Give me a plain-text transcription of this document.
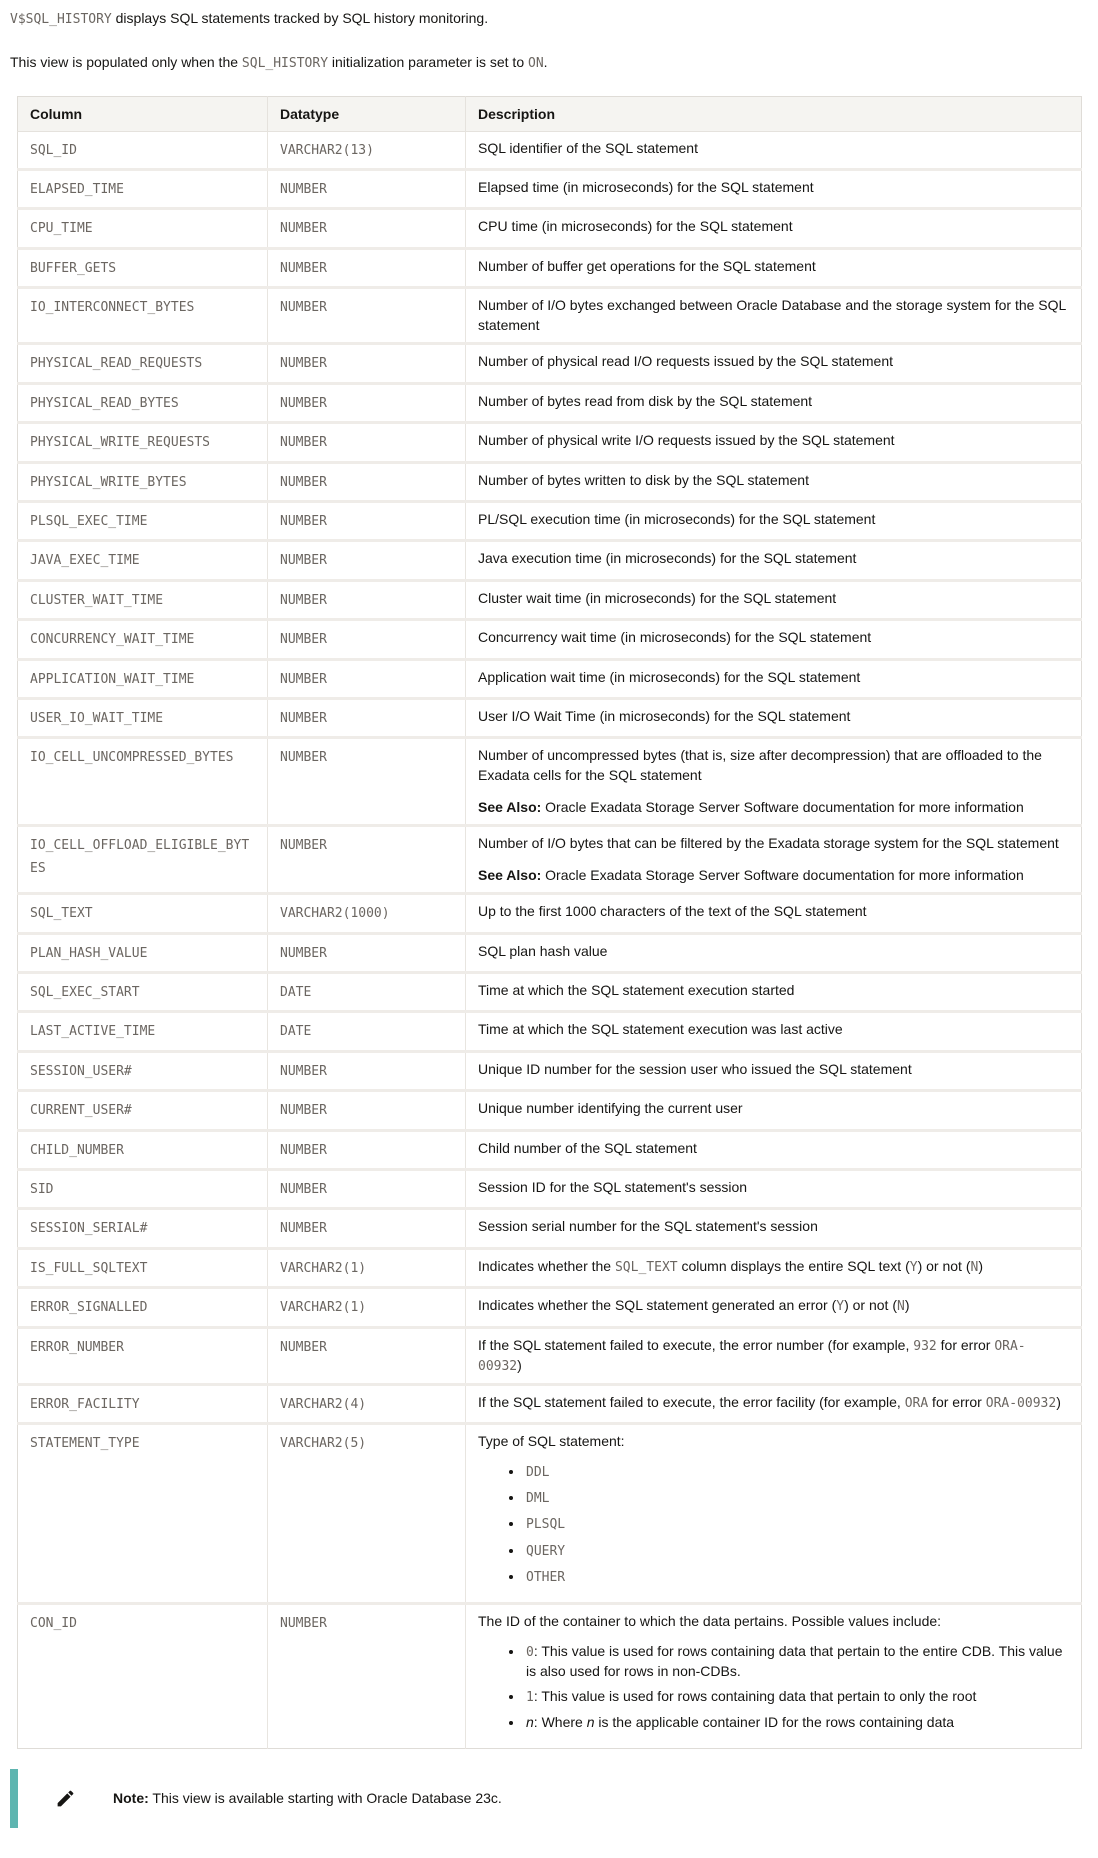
V$SQL_HISTORY displays SQL statements tracked by SQL history monitoring.

This view is populated only when the SQL_HISTORY initialization parameter is set to ON.

Column	Datatype	Description
SQL_ID	VARCHAR2(13)	SQL identifier of the SQL statement

ELAPSED_TIME	NUMBER	Elapsed time (in microseconds) for the SQL statement

CPU_TIME	NUMBER	CPU time (in microseconds) for the SQL statement

BUFFER_GETS	NUMBER	Number of buffer get operations for the SQL statement

IO_INTERCONNECT_BYTES	NUMBER	Number of I/O bytes exchanged between Oracle Database and the storage system for the SQL statement

PHYSICAL_READ_REQUESTS	NUMBER	Number of physical read I/O requests issued by the SQL statement

PHYSICAL_READ_BYTES	NUMBER	Number of bytes read from disk by the SQL statement

PHYSICAL_WRITE_REQUESTS	NUMBER	Number of physical write I/O requests issued by the SQL statement

PHYSICAL_WRITE_BYTES	NUMBER	Number of bytes written to disk by the SQL statement

PLSQL_EXEC_TIME	NUMBER	PL/SQL execution time (in microseconds) for the SQL statement

JAVA_EXEC_TIME	NUMBER	Java execution time (in microseconds) for the SQL statement

CLUSTER_WAIT_TIME	NUMBER	Cluster wait time (in microseconds) for the SQL statement

CONCURRENCY_WAIT_TIME	NUMBER	Concurrency wait time (in microseconds) for the SQL statement

APPLICATION_WAIT_TIME	NUMBER	Application wait time (in microseconds) for the SQL statement

USER_IO_WAIT_TIME	NUMBER	User I/O Wait Time (in microseconds) for the SQL statement

IO_CELL_UNCOMPRESSED_BYTES	NUMBER	Number of uncompressed bytes (that is, size after decompression) that are offloaded to the Exadata cells for the SQL statement

See Also: Oracle Exadata Storage Server Software documentation for more information

IO_CELL_OFFLOAD_ELIGIBLE_BYTES	NUMBER	Number of I/O bytes that can be filtered by the Exadata storage system for the SQL statement

See Also: Oracle Exadata Storage Server Software documentation for more information

SQL_TEXT	VARCHAR2(1000)	Up to the first 1000 characters of the text of the SQL statement

PLAN_HASH_VALUE	NUMBER	SQL plan hash value

SQL_EXEC_START	DATE	Time at which the SQL statement execution started

LAST_ACTIVE_TIME	DATE	Time at which the SQL statement execution was last active

SESSION_USER#	NUMBER	Unique ID number for the session user who issued the SQL statement

CURRENT_USER#	NUMBER	Unique number identifying the current user

CHILD_NUMBER	NUMBER	Child number of the SQL statement

SID	NUMBER	Session ID for the SQL statement's session

SESSION_SERIAL#	NUMBER	Session serial number for the SQL statement's session

IS_FULL_SQLTEXT	VARCHAR2(1)	Indicates whether the SQL_TEXT column displays the entire SQL text (Y) or not (N)

ERROR_SIGNALLED	VARCHAR2(1)	Indicates whether the SQL statement generated an error (Y) or not (N)

ERROR_NUMBER	NUMBER	If the SQL statement failed to execute, the error number (for example, 932 for error ORA-00932)

ERROR_FACILITY	VARCHAR2(4)	If the SQL statement failed to execute, the error facility (for example, ORA for error ORA-00932)

STATEMENT_TYPE	VARCHAR2(5)	Type of SQL statement:

• DDL
• DML
• PLSQL
• QUERY
• OTHER

CON_ID	NUMBER	The ID of the container to which the data pertains. Possible values include:

• 0: This value is used for rows containing data that pertain to the entire CDB. This value is also used for rows in non-CDBs.
• 1: This value is used for rows containing data that pertain to only the root
• n: Where n is the applicable container ID for the rows containing data

Note: This view is available starting with Oracle Database 23c.
